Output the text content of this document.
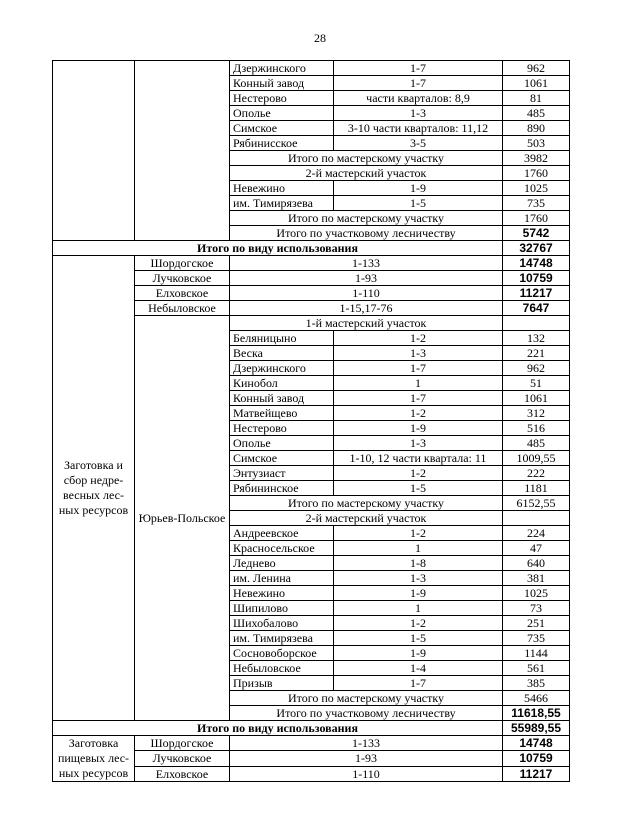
28
		Дзержинского	1-7	962
		Конный завод	1-7	1061
		Нестерово	части кварталов: 8,9	81
		Ополье	1-3	485
		Симское	3-10 части кварталов: 11,12	890
		Рябинисское	3-5	503
		Итого по мастерскому участку		3982
		2-й мастерский участок		1760
		Невежино	1-9	1025
		им. Тимирязева	1-5	735
		Итого по мастерскому участку		1760
		Итого по участковому лесничеству		5742
Итого по виду использования				32767

Заготовка и
сбор недре-
весных лес-
ных ресурсов	Шордогское	1-133		14748
	Лучковское	1-93		10759
	Елховское	1-110		11217
	Небыловское	1-15,17-76		7647
	Юрьев-Польское	1-й мастерский участок		
		Беляницыно	1-2	132
		Веска	1-3	221
		Дзержинского	1-7	962
		Кинобол	1	51
		Конный завод	1-7	1061
		Матвейщево	1-2	312
		Нестерово	1-9	516
		Ополье	1-3	485
		Симское	1-10, 12 части квартала: 11	1009,55
		Энтузиаст	1-2	222
		Рябининское	1-5	1181
		Итого по мастерскому участку		6152,55
		2-й мастерский участок		
		Андреевское	1-2	224
		Красносельское	1	47
		Леднево	1-8	640
		им. Ленина	1-3	381
		Невежино	1-9	1025
		Шипилово	1	73
		Шихобалово	1-2	251
		им. Тимирязева	1-5	735
		Сосновоборское	1-9	1144
		Небыловское	1-4	561
		Призыв	1-7	385
		Итого по мастерскому участку		5466
		Итого по участковому лесничеству		11618,55
Итого по виду использования				55989,55

Заготовка
пищевых лес-
ных ресурсов	Шордогское	1-133		14748
	Лучковское	1-93		10759
	Елховское	1-110		11217
